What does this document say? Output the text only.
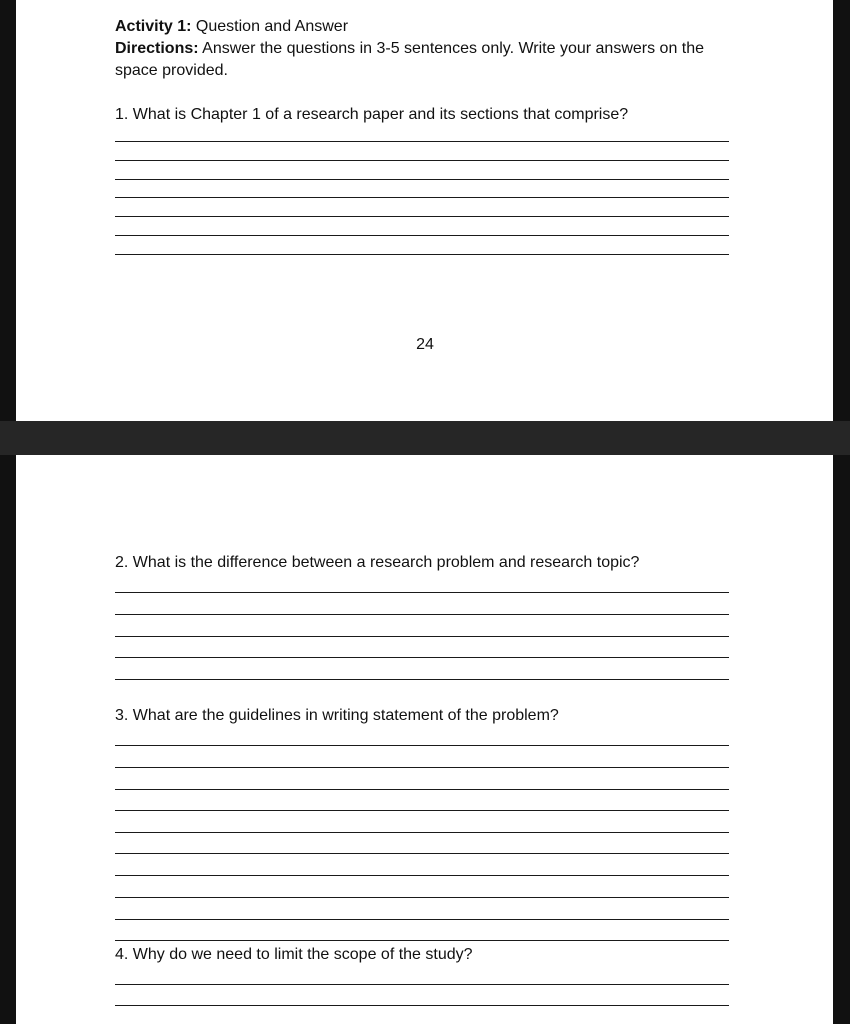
Activity 1: Question and Answer

Directions: Answer the questions in 3-5 sentences only. Write your answers on the

space provided.

1. What is Chapter 1 of a research paper and its sections that comprise?

24

2. What is the difference between a research problem and research topic?

3. What are the guidelines in writing statement of the problem?

4. Why do we need to limit the scope of the study?
